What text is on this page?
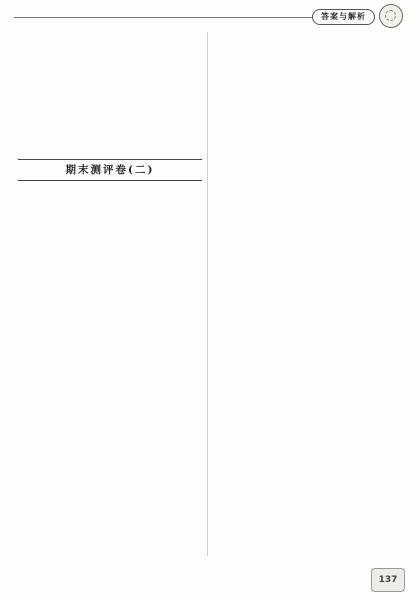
答案与解析

期末测评卷(二)

137
